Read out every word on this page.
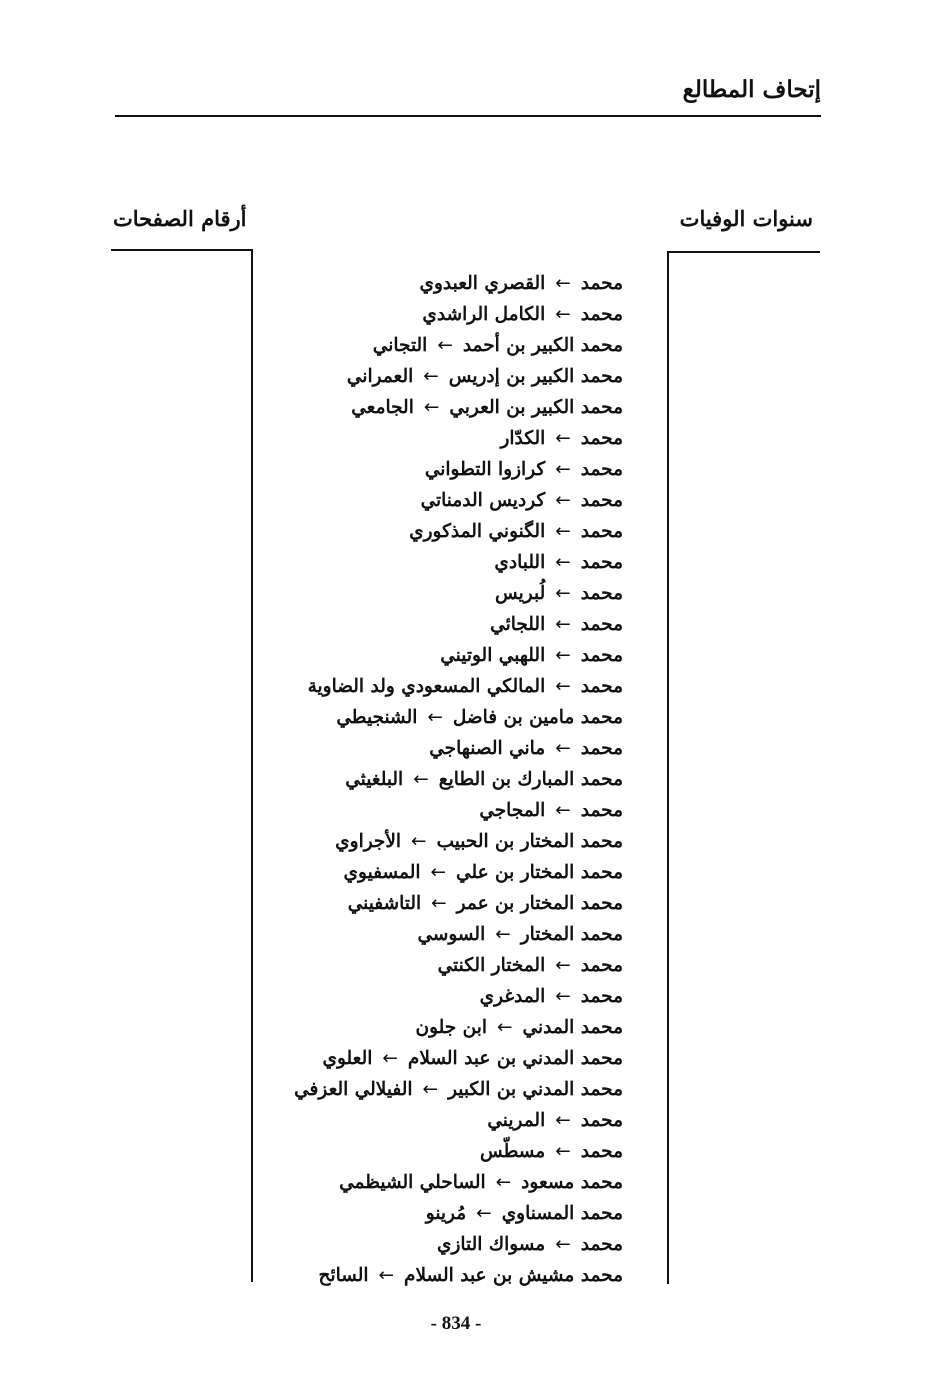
إتحاف المطالع
سنوات الوفيات
أرقام الصفحات
محمد←القصري العبدوي
محمد←الكامل الراشدي
محمد الكبير بن أحمد←التجاني
محمد الكبير بن إدريس←العمراني
محمد الكبير بن العربي←الجامعي
محمد←الكدّار
محمد←كرازوا التطواني
محمد←كرديس الدمناتي
محمد←الگنوني المذكوري
محمد←اللبادي
محمد←لُبريس
محمد←اللجائي
محمد←اللهبي الوتيني
محمد←المالكي المسعودي ولد الضاوية
محمد مامين بن فاضل←الشنجيطي
محمد←ماني الصنهاجي
محمد المبارك بن الطايع←البلغيثي
محمد←المجاجي
محمد المختار بن الحبيب←الأجراوي
محمد المختار بن علي←المسفيوي
محمد المختار بن عمر←التاشفيني
محمد المختار←السوسي
محمد←المختار الكنتي
محمد←المدغري
محمد المدني←ابن جلون
محمد المدني بن عبد السلام←العلوي
محمد المدني بن الكبير←الفيلالي العزفي
محمد←المريني
محمد←مسطّس
محمد مسعود←الساحلي الشيظمي
محمد المسناوي←مُرينو
محمد←مسواك التازي
محمد مشيش بن عبد السلام←السائح
- 834 -
